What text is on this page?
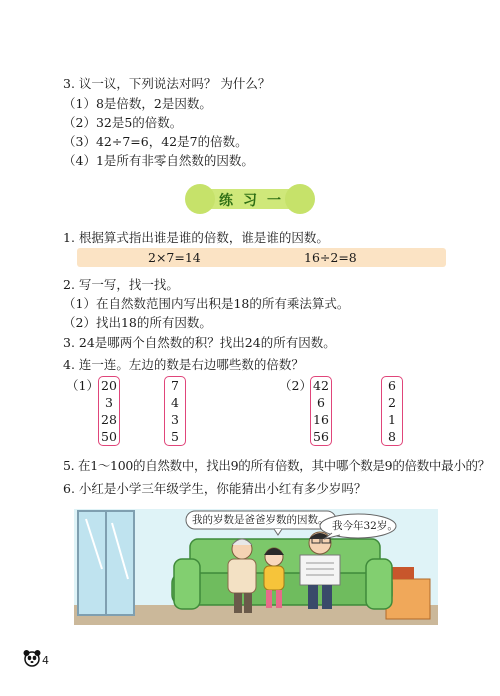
3. 议一议，下列说法对吗？ 为什么？
（1）8是倍数，2是因数。
（2）32是5的倍数。
（3）42÷7=6，42是7的倍数。
（4）1是所有非零自然数的因数。
练习一
1. 根据算式指出谁是谁的倍数，谁是谁的因数。
2×7=14	16÷2=8
2. 写一写，找一找。
（1）在自然数范围内写出积是18的所有乘法算式。
（2）找出18的所有因数。
3. 24是哪两个自然数的积？找出24的所有因数。
4. 连一连。左边的数是右边哪些数的倍数？
（1） 20
3
28
50
7
4
3
5
（2） 42
6
16
56
6
2
1
8
5. 在1～100的自然数中，找出9的所有倍数，其中哪个数是9的倍数中最小的？
6. 小红是小学三年级学生，你能猜出小红有多少岁吗？
我的岁数是爸爸岁数的因数。 我今年32岁。
4
